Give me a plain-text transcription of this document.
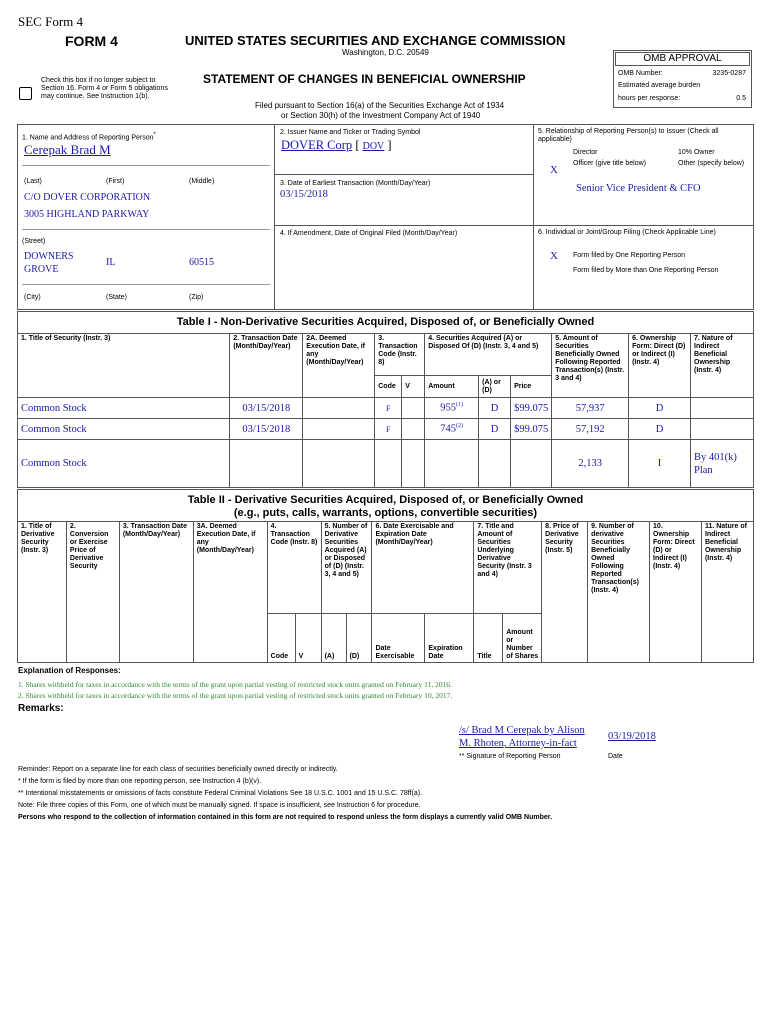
SEC Form 4
FORM 4	UNITED STATES SECURITIES AND EXCHANGE COMMISSION
Washington, D.C. 20549
Check this box if no longer subject to Section 16. Form 4 or Form 5 obligations may continue. See Instruction 1(b).
STATEMENT OF CHANGES IN BENEFICIAL OWNERSHIP
Filed pursuant to Section 16(a) of the Securities Exchange Act of 1934
or Section 30(h) of the Investment Company Act of 1940
OMB APPROVAL
OMB Number:	3235-0287
Estimated average burden
hours per response:	0.5
1. Name and Address of Reporting Person*
Cerepak Brad M
(Last)	(First)	(Middle)
C/O DOVER CORPORATION
3005 HIGHLAND PARKWAY
(Street)
DOWNERS
GROVE
IL	60515
(City)	(State)	(Zip)
2. Issuer Name and Ticker or Trading Symbol
DOVER Corp [ DOV ]
3. Date of Earliest Transaction (Month/Day/Year)
03/15/2018
4. If Amendment, Date of Original Filed (Month/Day/Year)
5. Relationship of Reporting Person(s) to Issuer (Check all applicable)
Director	10% Owner
X
Officer (give title below)	Other (specify below)
Senior Vice President & CFO
6. Individual or Joint/Group Filing (Check Applicable Line)
X Form filed by One Reporting Person
Form filed by More than One Reporting Person
Table I - Non-Derivative Securities Acquired, Disposed of, or Beneficially Owned
1. Title of Security (Instr. 3)	2. Transaction Date (Month/Day/Year)	2A. Deemed Execution Date, if any (Month/Day/Year)	3. Transaction Code (Instr. 8)		4. Securities Acquired (A) or Disposed Of (D) (Instr. 3, 4 and 5)			5. Amount of Securities Beneficially Owned Following Reported Transaction(s) (Instr. 3 and 4)	6. Ownership Form: Direct (D) or Indirect (I) (Instr. 4)	7. Nature of Indirect Beneficial Ownership (Instr. 4)
			Code	V	Amount	(A) or (D)	Price			
Common Stock	03/15/2018		F		955$^{(1)}$	D	$99.075	57,937	D	
Common Stock	03/15/2018		F		745$^{(2)}$	D	$99.075	57,192	D	
Common Stock								2,133	I	By 401(k) Plan
Table II - Derivative Securities Acquired, Disposed of, or Beneficially Owned
(e.g., puts, calls, warrants, options, convertible securities)
1. Title of Derivative Security (Instr. 3)	2. Conversion or Exercise Price of Derivative Security	3. Transaction Date (Month/Day/Year)	3A. Deemed Execution Date, if any (Month/Day/Year)	4. Transaction Code (Instr. 8)		5. Number of Derivative Securities Acquired (A) or Disposed of (D) (Instr. 3, 4 and 5)		6. Date Exercisable and Expiration Date (Month/Day/Year)		7. Title and Amount of Securities Underlying Derivative Security (Instr. 3 and 4)		8. Price of Derivative Security (Instr. 5)	9. Number of derivative Securities Beneficially Owned Following Reported Transaction(s) (Instr. 4)	10. Ownership Form: Direct (D) or Indirect (I) (Instr. 4)	11. Nature of Indirect Beneficial Ownership (Instr. 4)
				Code	V	(A)	(D)	Date Exercisable	Expiration Date	Title	Amount or Number of Shares				
Explanation of Responses:
1. Shares withheld for taxes in accordance with the terms of the grant upon partial vesting of restricted stock units granted on February 11, 2016.
2. Shares withheld for taxes in accordance with the terms of the grant upon partial vesting of restricted stock units granted on February 10, 2017.
Remarks:
/s/ Brad M Cerepak by Alison
M. Rhoten, Attorney-in-fact
03/19/2018
** Signature of Reporting Person	Date
Reminder: Report on a separate line for each class of securities beneficially owned directly or indirectly.
* If the form is filed by more than one reporting person, see Instruction 4 (b)(v).
** Intentional misstatements or omissions of facts constitute Federal Criminal Violations See 18 U.S.C. 1001 and 15 U.S.C. 78ff(a).
Note: File three copies of this Form, one of which must be manually signed. If space is insufficient, see Instruction 6 for procedure.
Persons who respond to the collection of information contained in this form are not required to respond unless the form displays a currently valid OMB Number.
